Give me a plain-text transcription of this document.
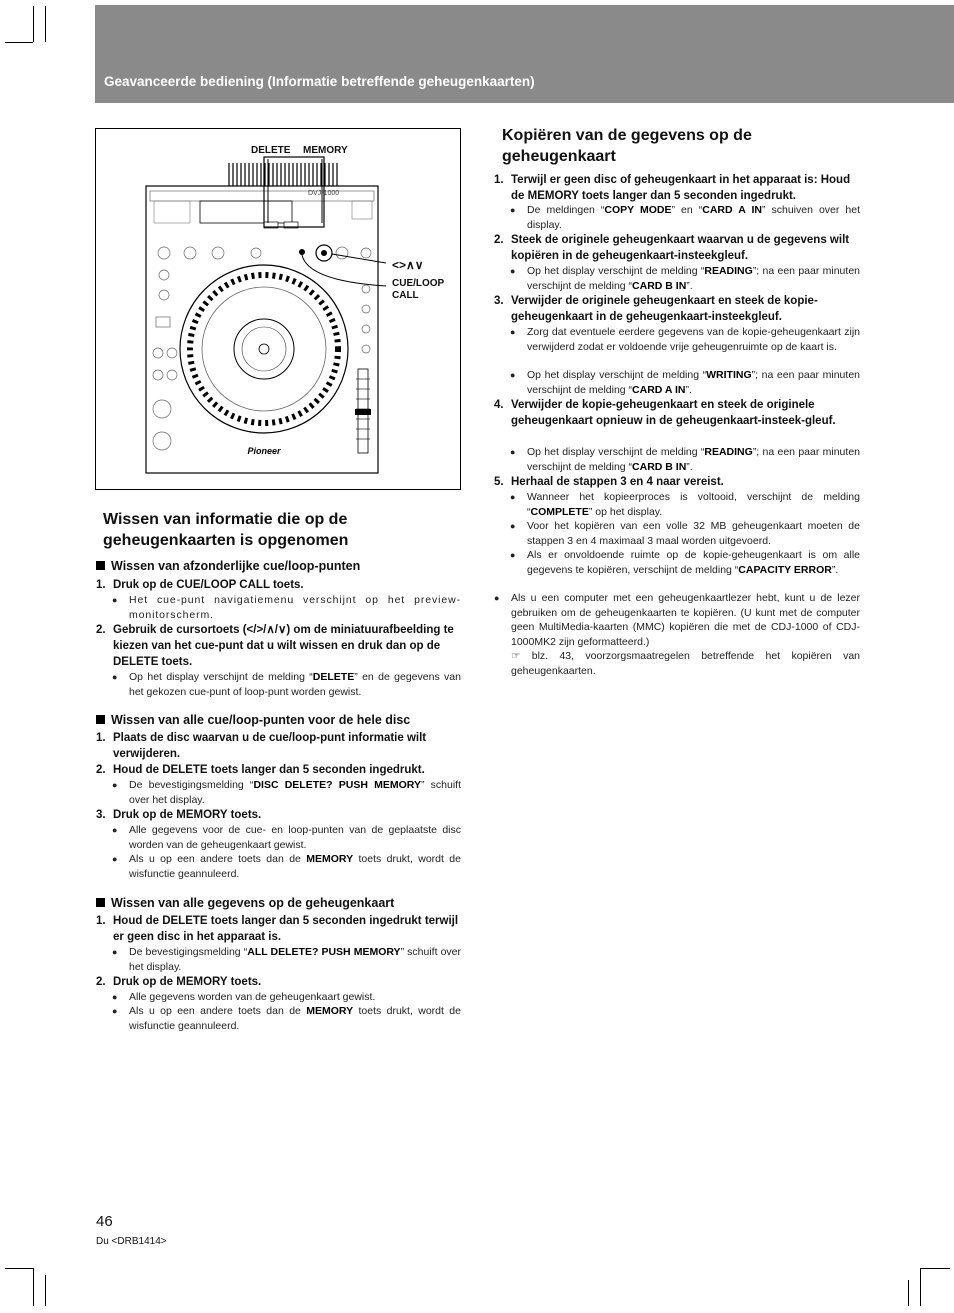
Geavanceerde bediening (Informatie betreffende geheugenkaarten)
DVJ-1000
Pioneer
DELETE MEMORY
<>∧∨
CUE/LOOP
CALL
Wissen van informatie die op de
geheugenkaarten is opgenomen
Wissen van afzonderlijke cue/loop-punten
1. Druk op de CUE/LOOP CALL toets.
●	Het cue-punt navigatiemenu verschijnt op het preview-monitorscherm.
2. Gebruik de cursortoets (</>/∧/∨) om de miniatuurafbeelding te kiezen van het cue-punt dat u wilt wissen en druk dan op de DELETE toets.
●	Op het display verschijnt de melding “DELETE” en de gegevens van het gekozen cue-punt of loop-punt worden gewist.
Wissen van alle cue/loop-punten voor de hele disc
1. Plaats de disc waarvan u de cue/loop-punt informatie wilt verwijderen.
2. Houd de DELETE toets langer dan 5 seconden ingedrukt.
●	De bevestigingsmelding “DISC DELETE? PUSH MEMORY” schuift over het display.
3. Druk op de MEMORY toets.
●	Alle gegevens voor de cue- en loop-punten van de geplaatste disc worden van de geheugenkaart gewist.
●	Als u op een andere toets dan de MEMORY toets drukt, wordt de wisfunctie geannuleerd.
Wissen van alle gegevens op de geheugenkaart
1. Houd de DELETE toets langer dan 5 seconden ingedrukt terwijl er geen disc in het apparaat is.
●	De bevestigingsmelding “ALL DELETE? PUSH MEMORY” schuift over het display.
2. Druk op de MEMORY toets.
●	Alle gegevens worden van de geheugenkaart gewist.
●	Als u op een andere toets dan de MEMORY toets drukt, wordt de wisfunctie geannuleerd.
Kopiëren van de gegevens op de
geheugenkaart
1. Terwijl er geen disc of geheugenkaart in het apparaat is: Houd de MEMORY toets langer dan 5 seconden ingedrukt.
●	De meldingen “COPY MODE” en “CARD A IN” schuiven over het display.
2. Steek de originele geheugenkaart waarvan u de gegevens wilt kopiëren in de geheugenkaart-insteekgleuf.
●	Op het display verschijnt de melding “READING”; na een paar minuten verschijnt de melding “CARD B IN”.
3. Verwijder de originele geheugenkaart en steek de kopie-geheugenkaart in de geheugenkaart-insteekgleuf.
●	Zorg dat eventuele eerdere gegevens van de kopie-geheugenkaart zijn verwijderd zodat er voldoende vrije geheugenruimte op de kaart is.
●	Op het display verschijnt de melding “WRITING”; na een paar minuten verschijnt de melding “CARD A IN”.
4. Verwijder de kopie-geheugenkaart en steek de originele geheugenkaart opnieuw in de geheugenkaart-insteek-gleuf.
●	Op het display verschijnt de melding “READING”; na een paar minuten verschijnt de melding “CARD B IN”.
5. Herhaal de stappen 3 en 4 naar vereist.
●	Wanneer het kopieerproces is voltooid, verschijnt de melding “COMPLETE” op het display.
●	Voor het kopiëren van een volle 32 MB geheugenkaart moeten de stappen 3 en 4 maximaal 3 maal worden uitgevoerd.
●	Als er onvoldoende ruimte op de kopie-geheugenkaart is om alle gegevens te kopiëren, verschijnt de melding “CAPACITY ERROR”.
●	Als u een computer met een geheugenkaartlezer hebt, kunt u de lezer gebruiken om de geheugenkaarten te kopiëren. (U kunt met de computer geen MultiMedia-kaarten (MMC) kopiëren die met de CDJ-1000 of CDJ-1000MK2 zijn geformatteerd.)
☞ blz. 43, voorzorgsmaatregelen betreffende het kopiëren van geheugenkaarten.
46
Du <DRB1414>
